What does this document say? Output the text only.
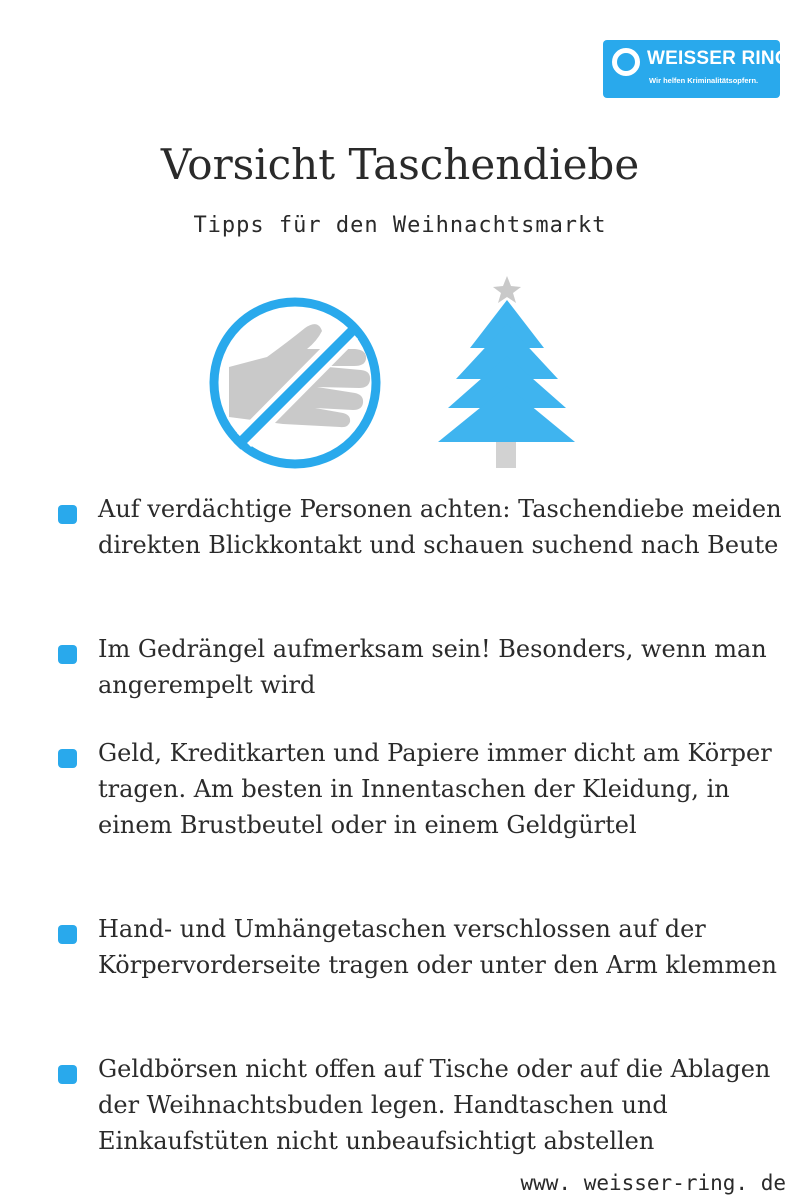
WEISSER RING
Wir helfen Kriminalitätsopfern.
Vorsicht Taschendiebe
Tipps für den Weihnachtsmarkt
Auf verdächtige Personen achten: Taschendiebe meiden direkten Blickkontakt und schauen suchend nach Beute
Im Gedrängel aufmerksam sein! Besonders, wenn man angerempelt wird
Geld, Kreditkarten und Papiere immer dicht am Körper tragen. Am besten in Innentaschen der Kleidung, in einem Brustbeutel oder in einem Geldgürtel
Hand- und Umhängetaschen verschlossen auf der Körpervorderseite tragen oder unter den Arm klemmen
Geldbörsen nicht offen auf Tische oder auf die Ablagen der Weihnachtsbuden legen. Handtaschen und Einkaufstüten nicht unbeaufsichtigt abstellen
www. weisser-ring. de
